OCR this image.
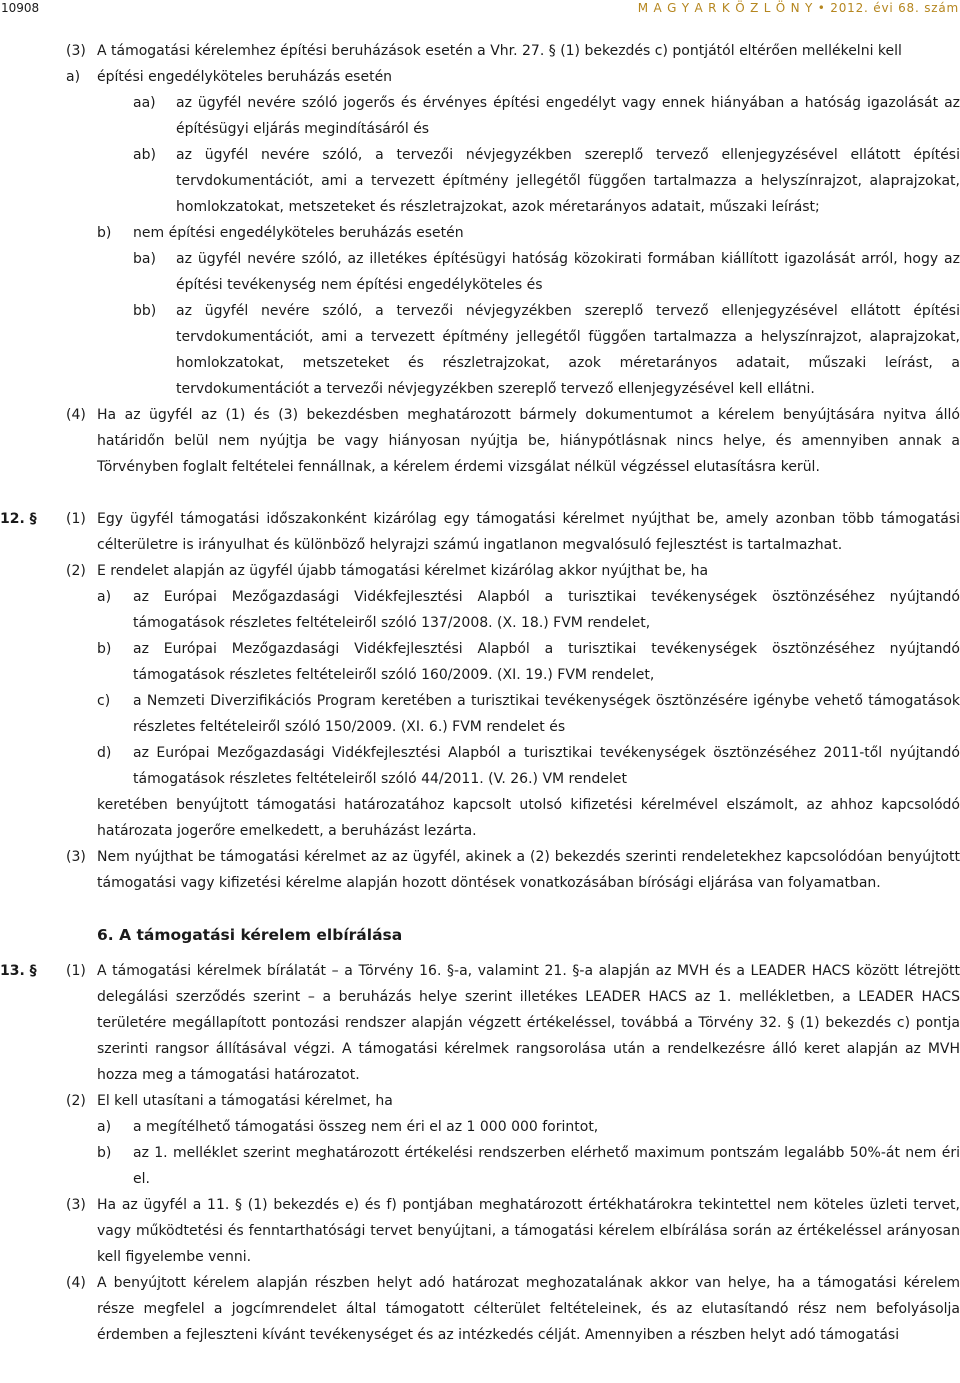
10908	M A G Y A R K Ö Z L Ö N Y • 2012. évi 68. szám
(3) A támogatási kérelemhez építési beruházások esetén a Vhr. 27. § (1) bekezdés c) pontjától eltérően mellékelni kell
a) építési engedélyköteles beruházás esetén
aa) az ügyfél nevére szóló jogerős és érvényes építési engedélyt vagy ennek hiányában a hatóság igazolását az építésügyi eljárás megindításáról és
ab) az ügyfél nevére szóló, a tervezői névjegyzékben szereplő tervező ellenjegyzésével ellátott építési tervdokumentációt, ami a tervezett építmény jellegétől függően tartalmazza a helyszínrajzot, alaprajzokat, homlokzatokat, metszeteket és részletrajzokat, azok méretarányos adatait, műszaki leírást;
b) nem építési engedélyköteles beruházás esetén
ba) az ügyfél nevére szóló, az illetékes építésügyi hatóság közokirati formában kiállított igazolását arról, hogy az építési tevékenység nem építési engedélyköteles és
bb) az ügyfél nevére szóló, a tervezői névjegyzékben szereplő tervező ellenjegyzésével ellátott építési tervdokumentációt, ami a tervezett építmény jellegétől függően tartalmazza a helyszínrajzot, alaprajzokat, homlokzatokat, metszeteket és részletrajzokat, azok méretarányos adatait, műszaki leírást, a tervdokumentációt a tervezői névjegyzékben szereplő tervező ellenjegyzésével kell ellátni.
(4) Ha az ügyfél az (1) és (3) bekezdésben meghatározott bármely dokumentumot a kérelem benyújtására nyitva álló határidőn belül nem nyújtja be vagy hiányosan nyújtja be, hiánypótlásnak nincs helye, és amennyiben annak a Törvényben foglalt feltételei fennállnak, a kérelem érdemi vizsgálat nélkül végzéssel elutasításra kerül.
12. § (1) Egy ügyfél támogatási időszakonként kizárólag egy támogatási kérelmet nyújthat be, amely azonban több támogatási célterületre is irányulhat és különböző helyrajzi számú ingatlanon megvalósuló fejlesztést is tartalmazhat.
(2) E rendelet alapján az ügyfél újabb támogatási kérelmet kizárólag akkor nyújthat be, ha
a) az Európai Mezőgazdasági Vidékfejlesztési Alapból a turisztikai tevékenységek ösztönzéséhez nyújtandó támogatások részletes feltételeiről szóló 137/2008. (X. 18.) FVM rendelet,
b) az Európai Mezőgazdasági Vidékfejlesztési Alapból a turisztikai tevékenységek ösztönzéséhez nyújtandó támogatások részletes feltételeiről szóló 160/2009. (XI. 19.) FVM rendelet,
c) a Nemzeti Diverzifikációs Program keretében a turisztikai tevékenységek ösztönzésére igénybe vehető támogatások részletes feltételeiről szóló 150/2009. (XI. 6.) FVM rendelet és
d) az Európai Mezőgazdasági Vidékfejlesztési Alapból a turisztikai tevékenységek ösztönzéséhez 2011-től nyújtandó támogatások részletes feltételeiről szóló 44/2011. (V. 26.) VM rendelet
keretében benyújtott támogatási határozatához kapcsolt utolsó kifizetési kérelmével elszámolt, az ahhoz kapcsolódó határozata jogerőre emelkedett, a beruházást lezárta.
(3) Nem nyújthat be támogatási kérelmet az az ügyfél, akinek a (2) bekezdés szerinti rendeletekhez kapcsolódóan benyújtott támogatási vagy kifizetési kérelme alapján hozott döntések vonatkozásában bírósági eljárása van folyamatban.
6. A támogatási kérelem elbírálása
13. § (1) A támogatási kérelmek bírálatát – a Törvény 16. §-a, valamint 21. §-a alapján az MVH és a LEADER HACS között létrejött delegálási szerződés szerint – a beruházás helye szerint illetékes LEADER HACS az 1. mellékletben, a LEADER HACS területére megállapított pontozási rendszer alapján végzett értékeléssel, továbbá a Törvény 32. § (1) bekezdés c) pontja szerinti rangsor állításával végzi. A támogatási kérelmek rangsorolása után a rendelkezésre álló keret alapján az MVH hozza meg a támogatási határozatot.
(2) El kell utasítani a támogatási kérelmet, ha
a) a megítélhető támogatási összeg nem éri el az 1 000 000 forintot,
b) az 1. melléklet szerint meghatározott értékelési rendszerben elérhető maximum pontszám legalább 50%-át nem éri el.
(3) Ha az ügyfél a 11. § (1) bekezdés e) és f) pontjában meghatározott értékhatárokra tekintettel nem köteles üzleti tervet, vagy működtetési és fenntarthatósági tervet benyújtani, a támogatási kérelem elbírálása során az értékeléssel arányosan kell figyelembe venni.
(4) A benyújtott kérelem alapján részben helyt adó határozat meghozatalának akkor van helye, ha a támogatási kérelem része megfelel a jogcímrendelet által támogatott célterület feltételeinek, és az elutasítandó rész nem befolyásolja érdemben a fejleszteni kívánt tevékenységet és az intézkedés célját. Amennyiben a részben helyt adó támogatási
